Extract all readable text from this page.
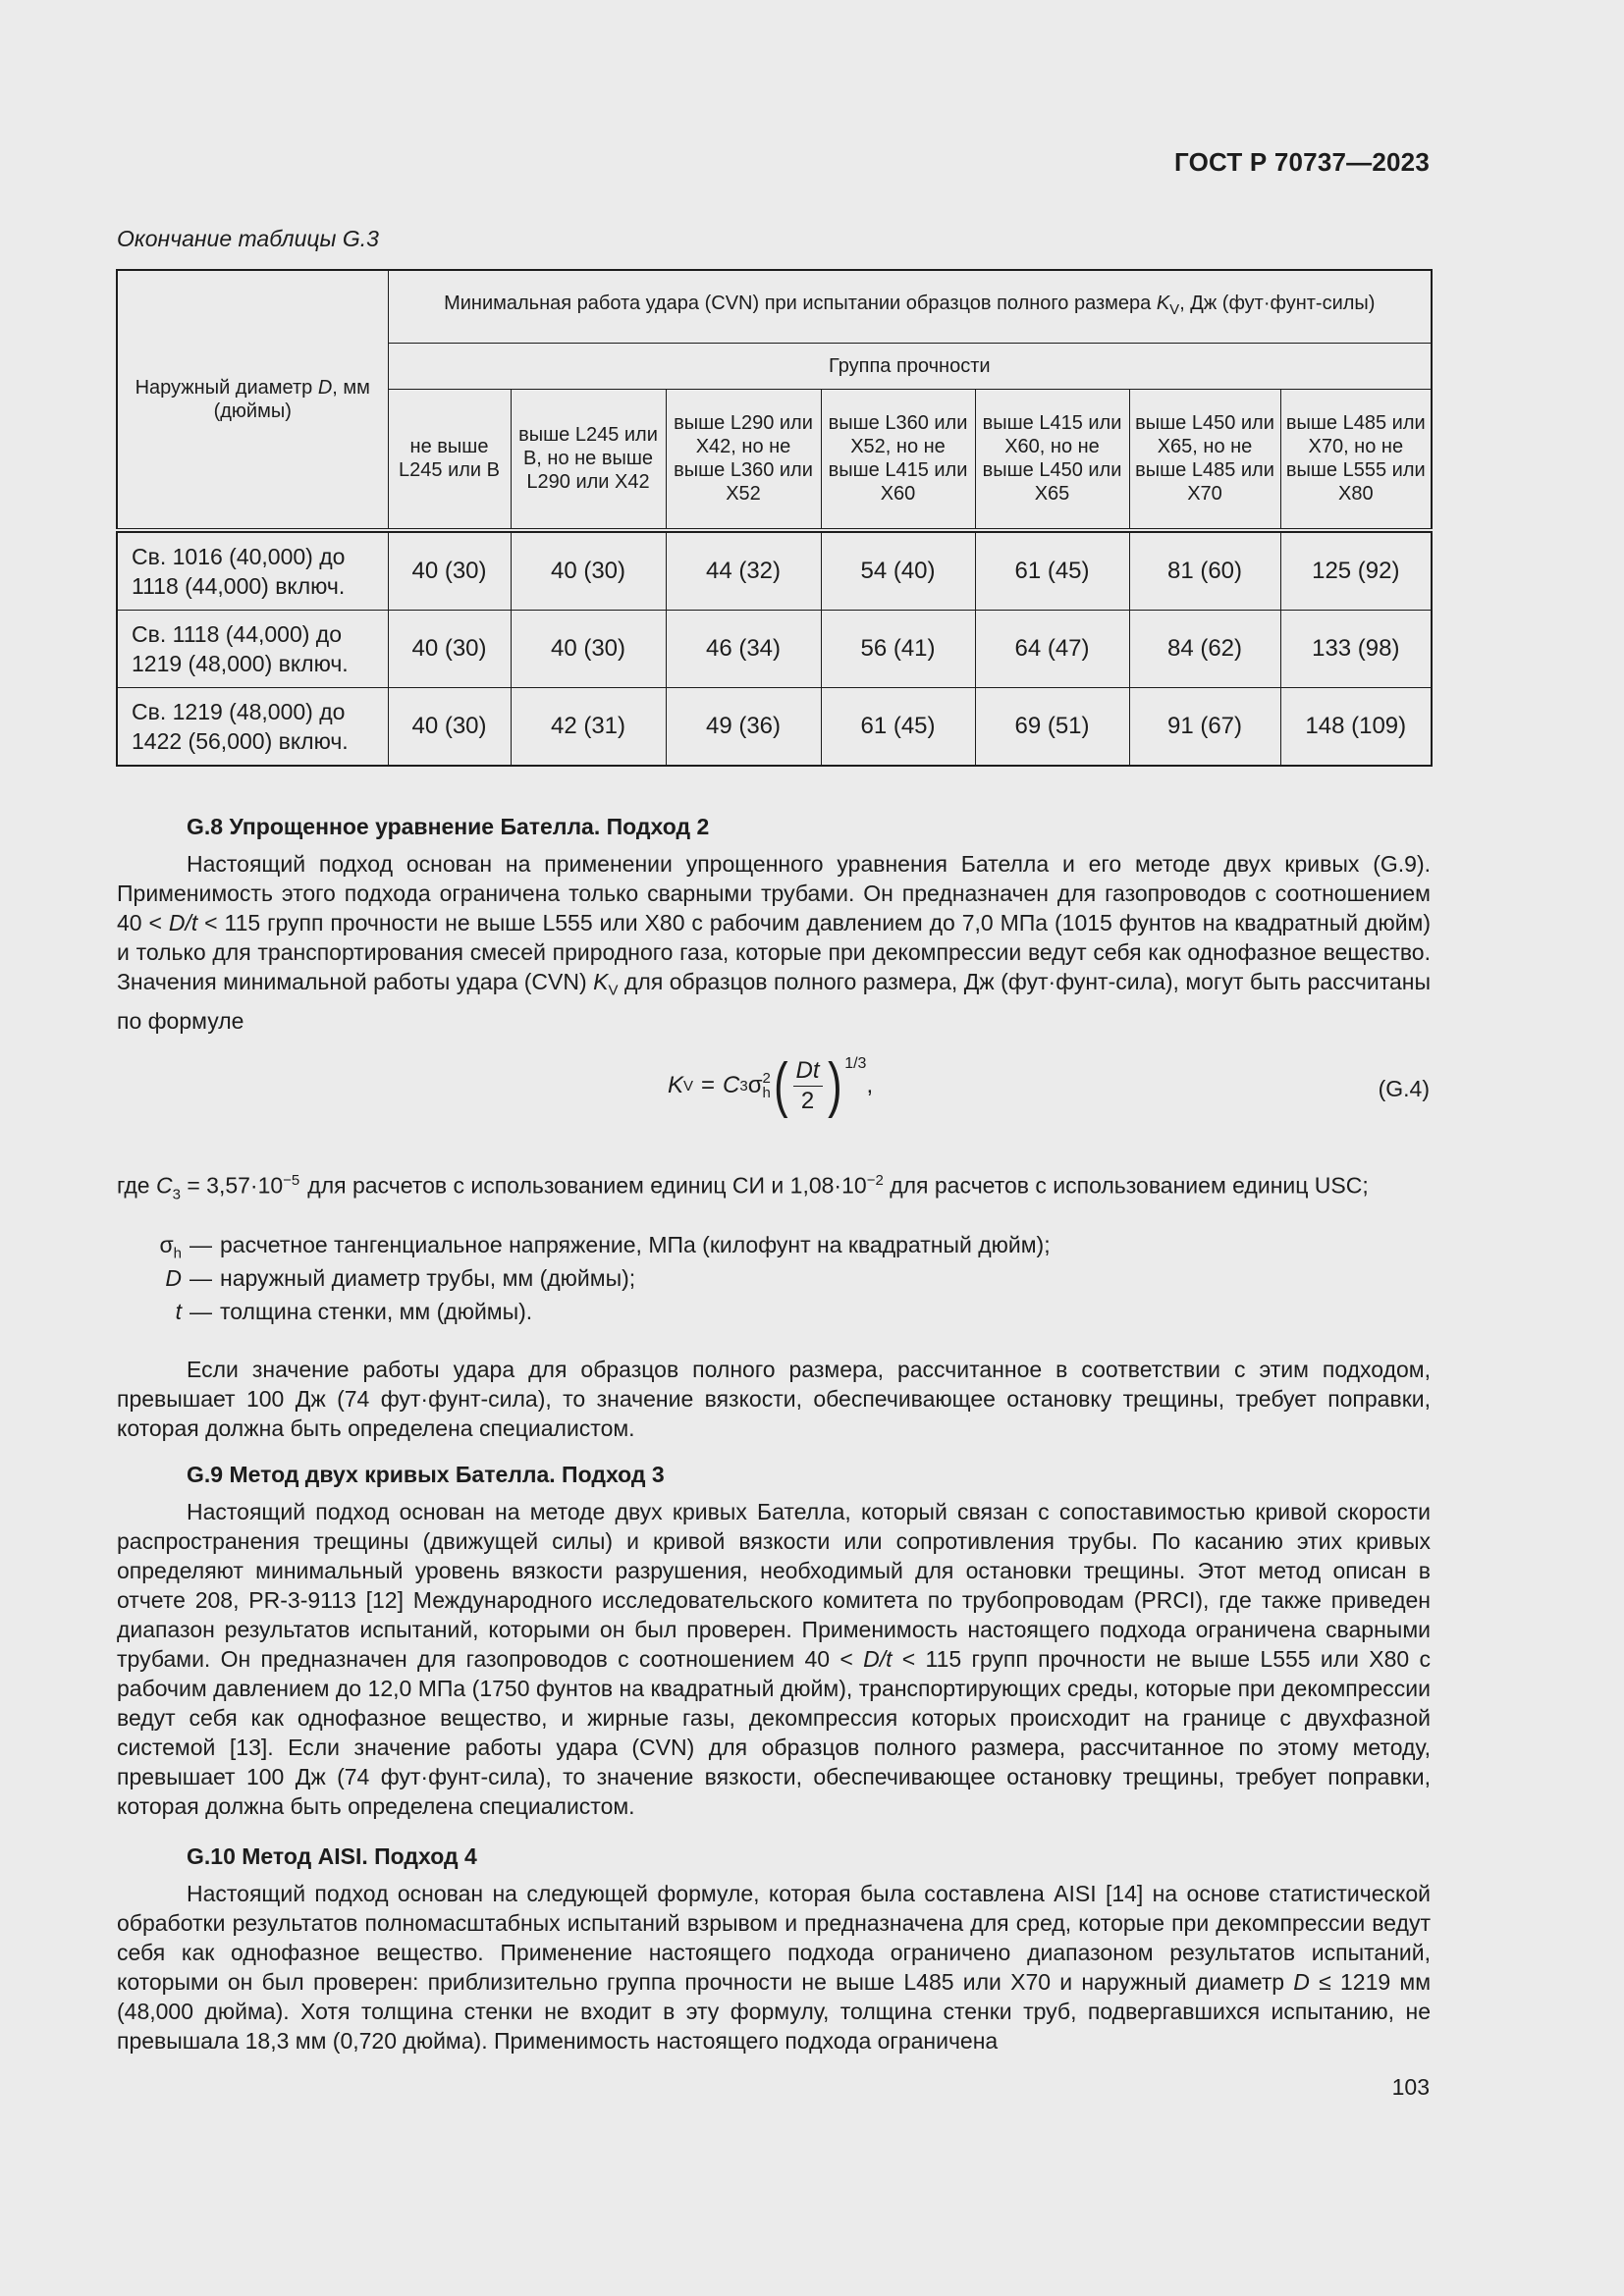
ГОСТ Р 70737—2023
Окончание таблицы G.3
Наружный диаметр D, мм (дюймы)	Минимальная работа удара (CVN) при испытании образцов полного размера $K_V$, Дж (фут·фунт-силы)						
	Группа прочности						
	не выше L245 или B	выше L245 или B, но не выше L290 или X42	выше L290 или X42, но не выше L360 или X52	выше L360 или X52, но не выше L415 или X60	выше L415 или X60, но не выше L450 или X65	выше L450 или X65, но не выше L485 или X70	выше L485 или X70, но не выше L555 или X80

Св. 1016 (40,000) до 1118 (44,000) включ.	40 (30)	40 (30)	44 (32)	54 (40)	61 (45)	81 (60)	125 (92)
Св. 1118 (44,000) до 1219 (48,000) включ.	40 (30)	40 (30)	46 (34)	56 (41)	64 (47)	84 (62)	133 (98)
Св. 1219 (48,000) до 1422 (56,000) включ.	40 (30)	42 (31)	49 (36)	61 (45)	69 (51)	91 (67)	148 (109)
G.8 Упрощенное уравнение Бателла. Подход 2
Настоящий подход основан на применении упрощенного уравнения Бателла и его методе двух кривых (G.9). Применимость этого подхода ограничена только сварными трубами. Он предназначен для газопроводов с соотношением 40 < D/t < 115 групп прочности не выше L555 или X80 с рабочим давлением до 7,0 МПа (1015 фунтов на квадратный дюйм) и только для транспортирования смесей природного газа, которые при декомпрессии ведут себя как однофазное вещество. Значения минимальной работы удара (CVN) $K_V$ для образцов полного размера, Дж (фут·фунт-сила), могут быть рассчитаны по формуле
K V = C 3 σ 2
h ( $\frac{Dt}{2} )^{1/3}$
,	(G.4)
где $C_3 = 3,57\cdot 10^{-5}$ для расчетов с использованием единиц СИ и $1,08\cdot 10^{-2}$ для расчетов с использованием единиц USC;
$\sigma_h$ — расчетное тангенциальное напряжение, МПа (килофунт на квадратный дюйм);
D — наружный диаметр трубы, мм (дюймы);
t — толщина стенки, мм (дюймы).
Если значение работы удара для образцов полного размера, рассчитанное в соответствии с этим подходом, превышает 100 Дж (74 фут·фунт-сила), то значение вязкости, обеспечивающее остановку трещины, требует поправки, которая должна быть определена специалистом.
G.9 Метод двух кривых Бателла. Подход 3
Настоящий подход основан на методе двух кривых Бателла, который связан с сопоставимостью кривой скорости распространения трещины (движущей силы) и кривой вязкости или сопротивления трубы. По касанию этих кривых определяют минимальный уровень вязкости разрушения, необходимый для остановки трещины. Этот метод описан в отчете 208, PR-3-9113 [12] Международного исследовательского комитета по трубопроводам (PRCI), где также приведен диапазон результатов испытаний, которыми он был проверен. Применимость настоящего подхода ограничена сварными трубами. Он предназначен для газопроводов с соотношением 40 < D/t < 115 групп прочности не выше L555 или X80 с рабочим давлением до 12,0 МПа (1750 фунтов на квадратный дюйм), транспортирующих среды, которые при декомпрессии ведут себя как однофазное вещество, и жирные газы, декомпрессия которых происходит на границе с двухфазной системой [13]. Если значение работы удара (CVN) для образцов полного размера, рассчитанное по этому методу, превышает 100 Дж (74 фут·фунт-сила), то значение вязкости, обеспечивающее остановку трещины, требует поправки, которая должна быть определена специалистом.
G.10 Метод AISI. Подход 4
Настоящий подход основан на следующей формуле, которая была составлена AISI [14] на основе статистической обработки результатов полномасштабных испытаний взрывом и предназначена для сред, которые при декомпрессии ведут себя как однофазное вещество. Применение настоящего подхода ограничено диапазоном результатов испытаний, которыми он был проверен: приблизительно группа прочности не выше L485 или X70 и наружный диаметр D ≤ 1219 мм (48,000 дюйма). Хотя толщина стенки не входит в эту формулу, толщина стенки труб, подвергавшихся испытанию, не превышала 18,3 мм (0,720 дюйма). Применимость настоящего подхода ограничена
103
